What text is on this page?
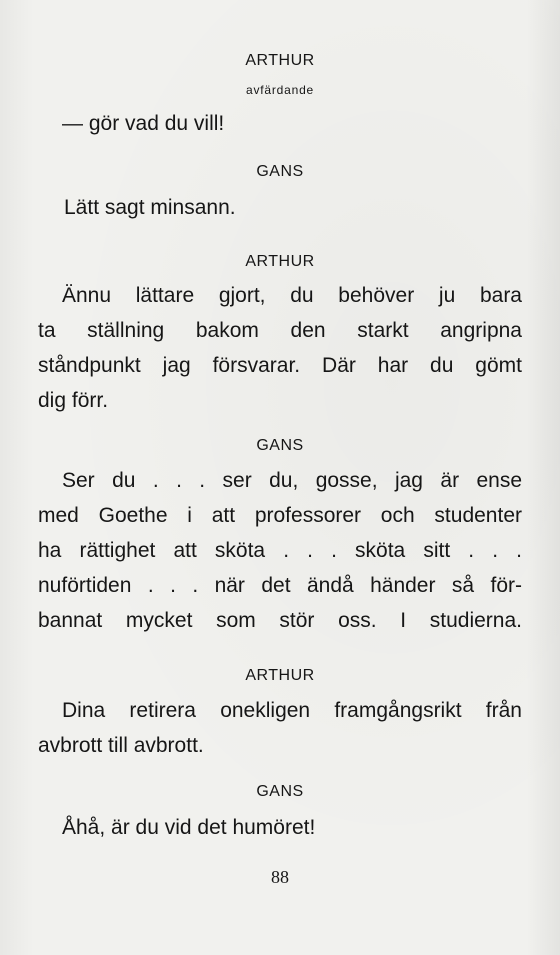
ARTHUR
avfärdande
— gör vad du vill!
GANS
Lätt sagt minsann.
ARTHUR
Ännu lättare gjort, du behöver ju bara
ta ställning bakom den starkt angripna
ståndpunkt jag försvarar. Där har du gömt
dig förr.
GANS
Ser du . . . ser du, gosse, jag är ense
med Goethe i att professorer och studenter
ha rättighet att sköta . . . sköta sitt . . .
nuförtiden . . . när det ändå händer så för-
bannat mycket som stör oss. I studierna.
ARTHUR
Dina retirera onekligen framgångsrikt från
avbrott till avbrott.
GANS
Åhå, är du vid det humöret!
88
